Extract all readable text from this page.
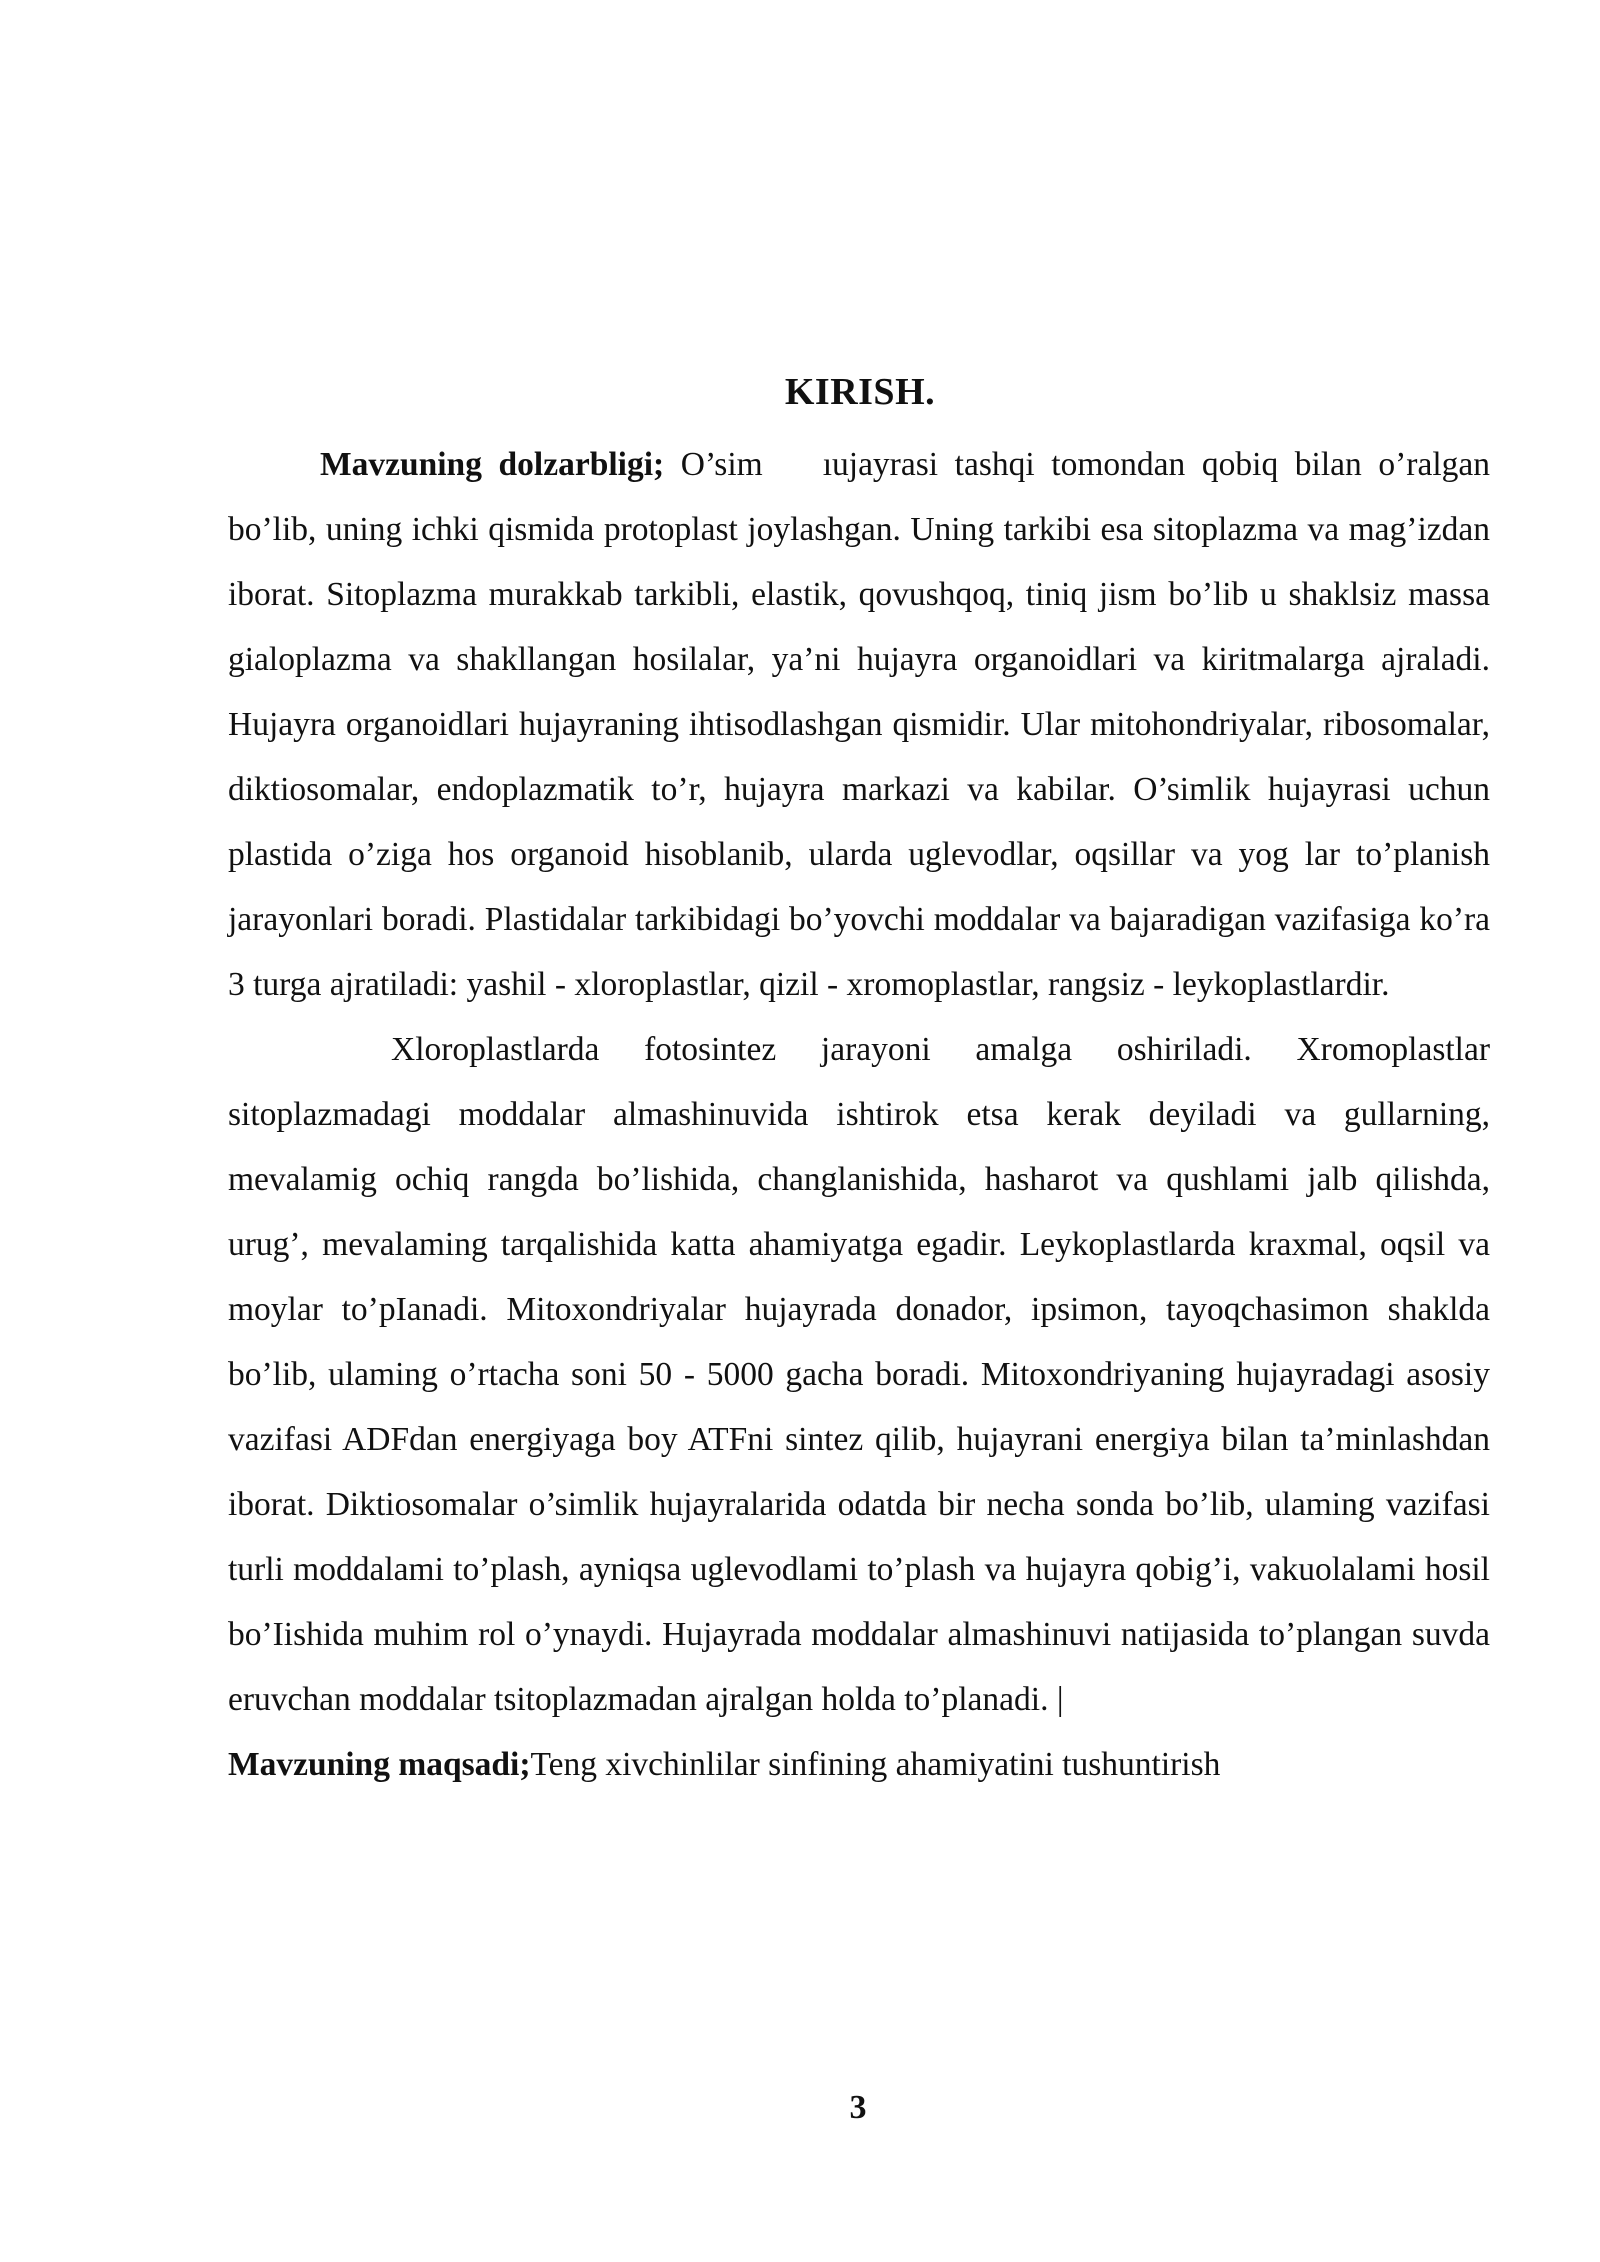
KIRISH.

Mavzuning dolzarbligi; O’sim ıujayrasi tashqi tomondan qobiq bilan o’ralgan bo’lib, uning ichki qismida protoplast joylashgan. Uning tarkibi esa sitoplazma va mag’izdan iborat. Sitoplazma murakkab tarkibli, elastik, qovushqoq, tiniq jism bo’lib u shaklsiz massa gialoplazma va shakllangan hosilalar, ya’ni hujayra organoidlari va kiritmalarga ajraladi. Hujayra organoidlari hujayraning ihtisodlashgan qismidir. Ular mitohondriyalar, ribosomalar, diktiosomalar, endoplazmatik to’r, hujayra markazi va kabilar. O’simlik hujayrasi uchun plastida o’ziga hos organoid hisoblanib, ularda uglevodlar, oqsillar va yog lar to’planish jarayonlari boradi. Plastidalar tarkibidagi bo’yovchi moddalar va bajaradigan vazifasiga ko’ra 3 turga ajratiladi: yashil - xloroplastlar, qizil - xromoplastlar, rangsiz - leykoplastlardir.

Xloroplastlarda fotosintez jarayoni amalga oshiriladi. Xromoplastlar sitoplazmadagi moddalar almashinuvida ishtirok etsa kerak deyiladi va gullarning, mevalamig ochiq rangda bo’lishida, changlanishida, hasharot va qushlami jalb qilishda, urug’, mevalaming tarqalishida katta ahamiyatga egadir. Leykoplastlarda kraxmal, oqsil va moylar to’pIanadi. Mitoxondriyalar hujayrada donador, ipsimon, tayoqchasimon shaklda bo’lib, ulaming o’rtacha soni 50 - 5000 gacha boradi. Mitoxondriyaning hujayradagi asosiy vazifasi ADFdan energiyaga boy ATFni sintez qilib, hujayrani energiya bilan ta’minlashdan iborat. Diktiosomalar o’simlik hujayralarida odatda bir necha sonda bo’lib, ulaming vazifasi turli moddalami to’plash, ayniqsa uglevodlami to’plash va hujayra qobig’i, vakuolalami hosil bo’Iishida muhim rol o’ynaydi. Hujayrada moddalar almashinuvi natijasida to’plangan suvda eruvchan moddalar tsitoplazmadan ajralgan holda to’planadi. |

Mavzuning maqsadi;Teng xivchinlilar sinfining ahamiyatini tushuntirish

3
